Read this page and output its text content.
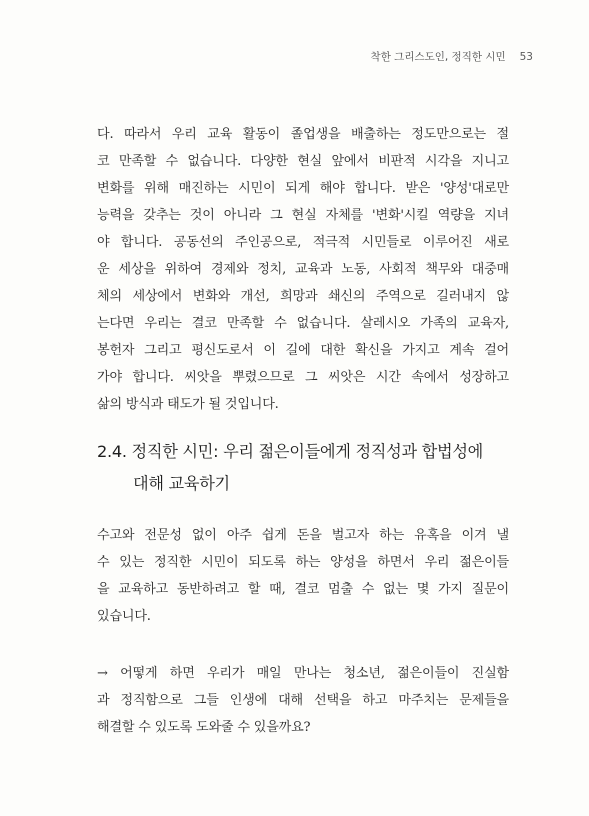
착한 그리스도인, 정직한 시민 53
다. 따라서 우리 교육 활동이 졸업생을 배출하는 정도만으로는 절
코 만족할 수 없습니다. 다양한 현실 앞에서 비판적 시각을 지니고
변화를 위해 매진하는 시민이 되게 해야 합니다. 받은 '양성'대로만
능력을 갖추는 것이 아니라 그 현실 자체를 '변화'시킬 역량을 지녀
야 합니다. 공동선의 주인공으로, 적극적 시민들로 이루어진 새로
운 세상을 위하여 경제와 정치, 교육과 노동, 사회적 책무와 대중매
체의 세상에서 변화와 개선, 희망과 쇄신의 주역으로 길러내지 않
는다면 우리는 결코 만족할 수 없습니다. 살레시오 가족의 교육자,
봉헌자 그리고 평신도로서 이 길에 대한 확신을 가지고 계속 걸어
가야 합니다. 씨앗을 뿌렸으므로 그 씨앗은 시간 속에서 성장하고
삶의 방식과 태도가 될 것입니다.
2.4. 정직한 시민: 우리 젊은이들에게 정직성과 합법성에
대해 교육하기
수고와 전문성 없이 아주 쉽게 돈을 벌고자 하는 유혹을 이겨 낼
수 있는 정직한 시민이 되도록 하는 양성을 하면서 우리 젊은이들
을 교육하고 동반하려고 할 때, 결코 멈출 수 없는 몇 가지 질문이
있습니다.
→ 어떻게 하면 우리가 매일 만나는 청소년, 젊은이들이 진실함
과 정직함으로 그들 인생에 대해 선택을 하고 마주치는 문제들을
해결할 수 있도록 도와줄 수 있을까요?
